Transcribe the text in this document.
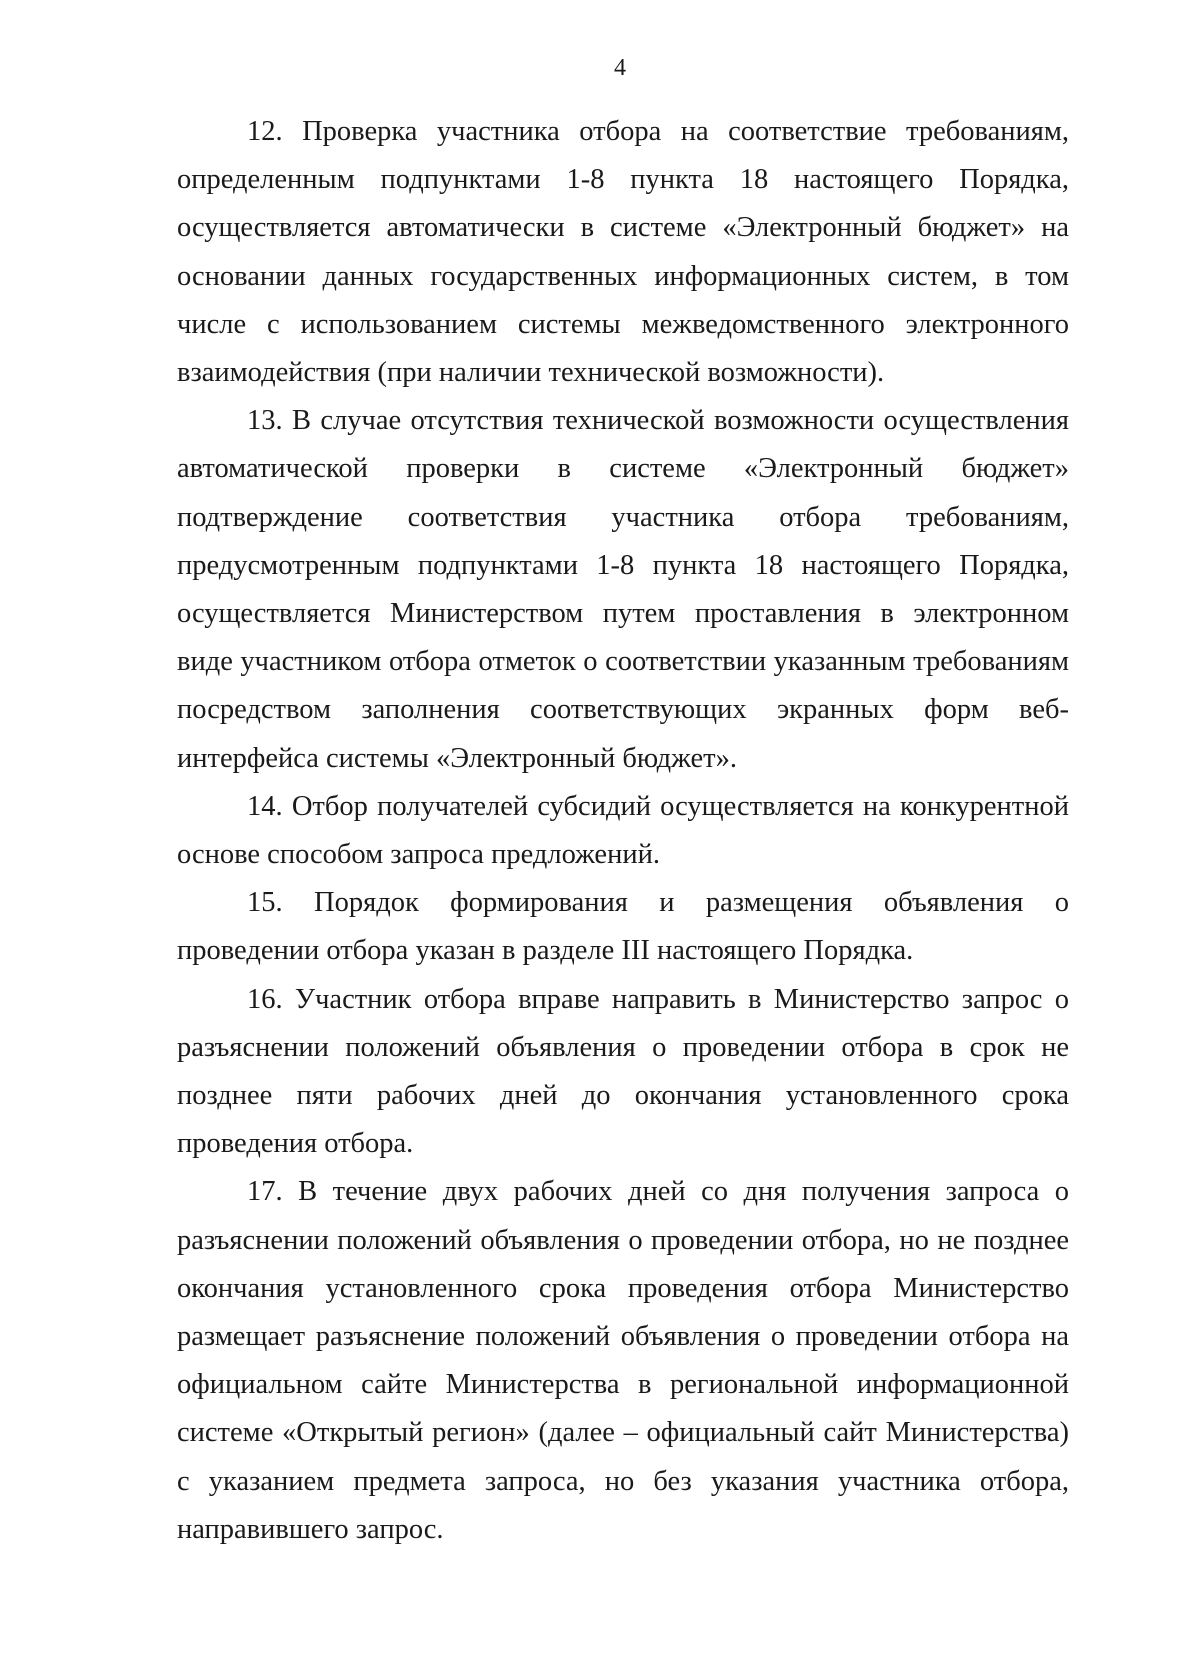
4

12. Проверка участника отбора на соответствие требованиям, определенным подпунктами 1-8 пункта 18 настоящего Порядка, осуществляется автоматически в системе «Электронный бюджет» на основании данных государственных информационных систем, в том числе с использованием системы межведомственного электронного взаимодействия (при наличии технической возможности).

13. В случае отсутствия технической возможности осуществления автоматической проверки в системе «Электронный бюджет» подтверждение соответствия участника отбора требованиям, предусмотренным подпунктами 1-8 пункта 18 настоящего Порядка, осуществляется Министерством путем проставления в электронном виде участником отбора отметок о соответствии указанным требованиям посредством заполнения соответствующих экранных форм веб-интерфейса системы «Электронный бюджет».

14. Отбор получателей субсидий осуществляется на конкурентной основе способом запроса предложений.

15. Порядок формирования и размещения объявления о проведении отбора указан в разделе III настоящего Порядка.

16. Участник отбора вправе направить в Министерство запрос о разъяснении положений объявления о проведении отбора в срок не позднее пяти рабочих дней до окончания установленного срока проведения отбора.

17. В течение двух рабочих дней со дня получения запроса о разъяснении положений объявления о проведении отбора, но не позднее окончания установленного срока проведения отбора Министерство размещает разъяснение положений объявления о проведении отбора на официальном сайте Министерства в региональной информационной системе «Открытый регион» (далее – официальный сайт Министерства) с указанием предмета запроса, но без указания участника отбора, направившего запрос.
